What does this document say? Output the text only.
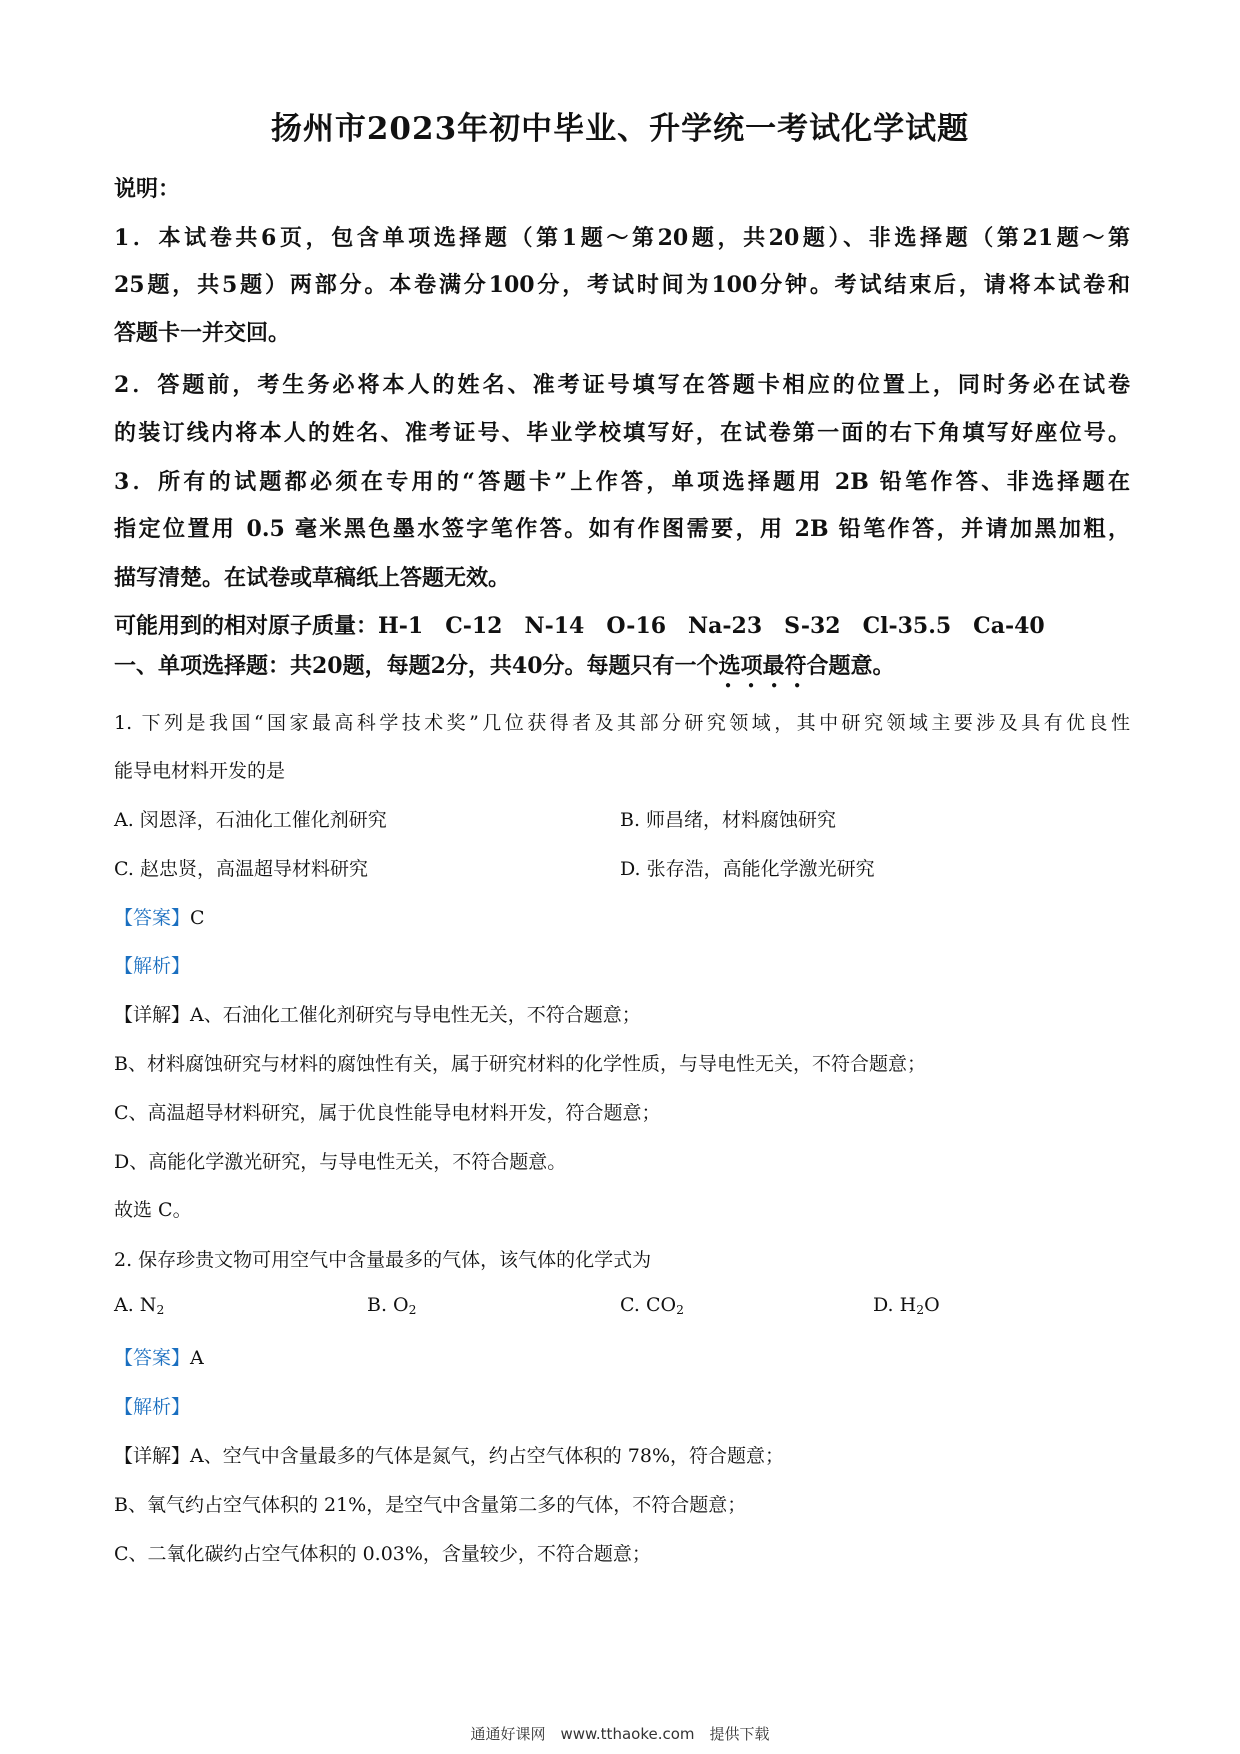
扬州市2023年初中毕业、升学统一考试化学试题
说明：
1．本试卷共6页，包含单项选择题（第1题～第20题，共20题）、非选择题（第21题～第
25题，共5题）两部分。本卷满分100分，考试时间为100分钟。考试结束后，请将本试卷和
答题卡一并交回。
2．答题前，考生务必将本人的姓名、准考证号填写在答题卡相应的位置上，同时务必在试卷
的装订线内将本人的姓名、准考证号、毕业学校填写好，在试卷第一面的右下角填写好座位号。
3．所有的试题都必须在专用的“答题卡”上作答，单项选择题用 2B 铅笔作答、非选择题在
指定位置用 0.5 毫米黑色墨水签字笔作答。如有作图需要，用 2B 铅笔作答，并请加黑加粗，
描写清楚。在试卷或草稿纸上答题无效。
可能用到的相对原子质量：H-1　C-12　N-14　O-16　Na-23　S-32　Cl-35.5　Ca-40
一、单项选择题：共20题，每题2分，共40分。每题只有一个选项最符合题意。
●●●●
1. 下列是我国“国家最高科学技术奖”几位获得者及其部分研究领域，其中研究领域主要涉及具有优良性
能导电材料开发的是
A. 闵恩泽，石油化工催化剂研究	B. 师昌绪，材料腐蚀研究
C. 赵忠贤，高温超导材料研究	D. 张存浩，高能化学激光研究
【答案】C
【解析】
【详解】A、石油化工催化剂研究与导电性无关，不符合题意；
B、材料腐蚀研究与材料的腐蚀性有关，属于研究材料的化学性质，与导电性无关，不符合题意；
C、高温超导材料研究，属于优良性能导电材料开发，符合题意；
D、高能化学激光研究，与导电性无关，不符合题意。
故选 C。
2. 保存珍贵文物可用空气中含量最多的气体，该气体的化学式为
A. $N_2$	B. $O_2$	C. $CO_2$	D. $H_2O$
【答案】A
【解析】
【详解】A、空气中含量最多的气体是氮气，约占空气体积的 78%，符合题意；
B、氧气约占空气体积的 21%，是空气中含量第二多的气体，不符合题意；
C、二氧化碳约占空气体积的 0.03%，含量较少，不符合题意；
通通好课网　www.tthaoke.com　提供下载
